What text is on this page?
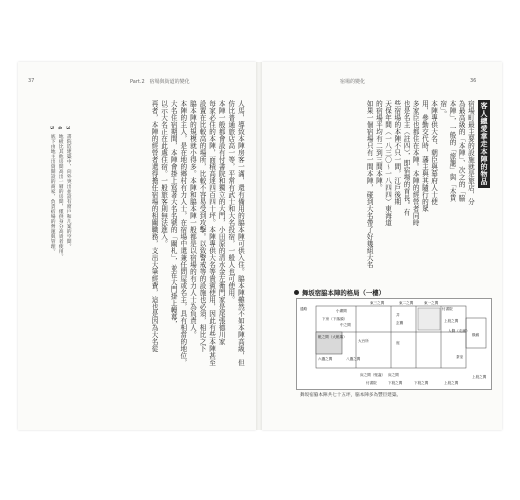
37	Part.2　宿場與街道的變化	36
宿場的變化
人馬，導致本陣房客一滿，還有備用的脇本陣可供入住。脇本陣雖然不如本陣高級，但
仿比普通旅店高一等，平常有武士和大名投宿，一般人也可使用。
本陣一般都會設有付書院和獨立的大門，小田原的清水金左衛門家是尾張德川家
每家必住的本陣，面積高達四百四十坪。本陣專供大名等貴賓使用，因此有些本陣甚至
設置在比較高的場所，比較不容易受到攻擊。以致警戒等的設施也必須，相比之下
脇本陣的規模就小得多。本陣和脇本陣一般都是以宿場的有力人士為負責人。
本陣的主人，是在地的鄉村有力人士，在宿場中還兼任問屋或名主，具有相當的地位，
大名住宿期間，本陣會掛上寫著大名名號的「關札」，並在大門掛上幔幕，
以示大名正在此處住宿。一般旅客則無法進入。
再者，本陣的經營者還得擔任宿場的相關職務，支出大筆經費，這也是因為大名從
3書院造建築中，向外突出並設有窗戶和几案的空間。
4地板比其他房間高出一層的房間，僅供身分高貴者使用。
5底下由地主出資開設的商家，負責宿場的營運與管理。	客人總愛拿走本陣的物品
宿場町最主要的設施就是旅店，分
為最高級的「本陣」、次之的「脇
本陣」，一般的「旅籠」與「木賃
宿」。
本陣專供大名、朝臣與幕府人士使
用，參勤交代時，藩主與其隨行的眾
多家臣也都住在本陣。本陣的經營者同時
也是名主（註四），即宿場的首長。有
些宿場的本陣不只一間，江戶後期
天保年間（一八三〇～一八四四）東海道
的宿場平均有二到三間本陣。
如果一個宿場只有一間本陣，碰到大名帶了好幾組大名
舞坂宿脇本陣的格局（一樓）
東三之間	東二之間	東一之間
付書院
上段之間
通路	小廣間
下房（下落頭）
中之間
井
玄關
入側（走廊）
庭
帳之間（大帳場）
六疊之間	八疊之間
大台所
床之間（壁龕）
付書院
床之間
下段之間	下段之間	上段之間
橫廊
茶室
上段之間
舞坂宿脇本陣共七十五坪，脇本陣多為豐臣建築。
